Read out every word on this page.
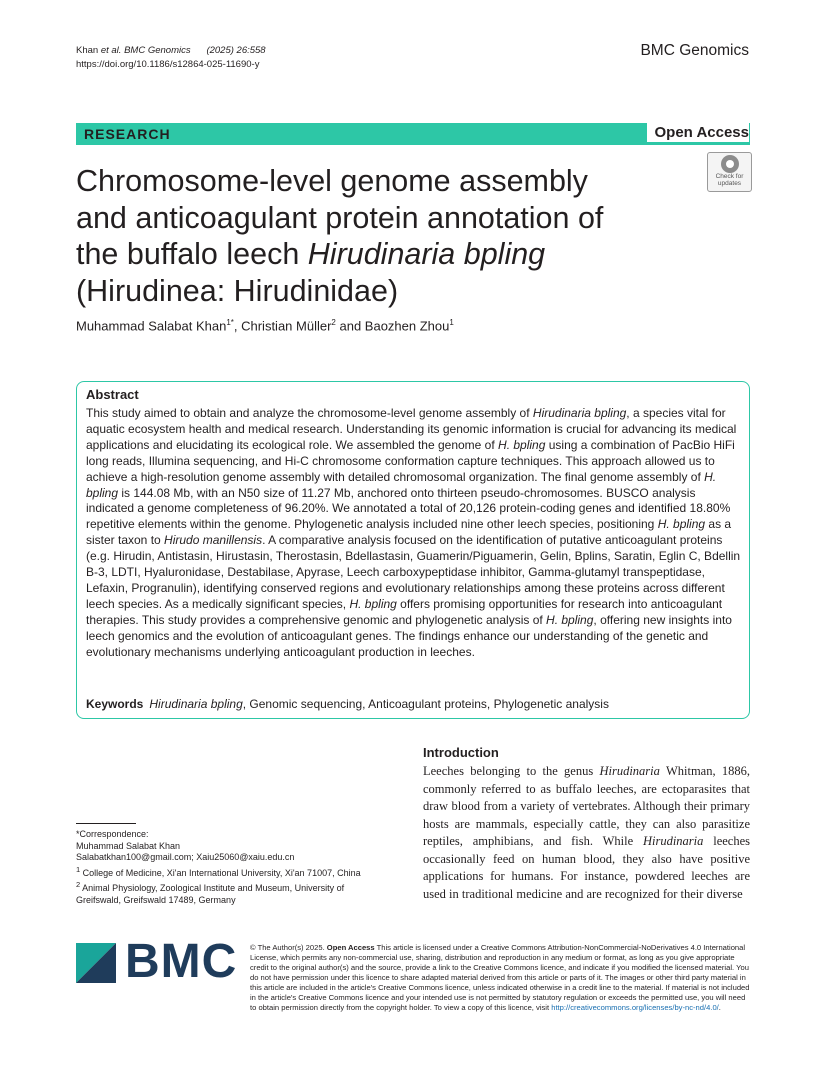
Khan et al. BMC Genomics (2025) 26:558
https://doi.org/10.1186/s12864-025-11690-y
BMC Genomics
RESEARCH	Open Access
Check for
updates
Chromosome-level genome assembly and anticoagulant protein annotation of the buffalo leech Hirudinaria bpling (Hirudinea: Hirudinidae)
Muhammad Salabat Khan$^{1*}$, Christian Müller$^2$ and Baozhen Zhou$^1$
Abstract
This study aimed to obtain and analyze the chromosome-level genome assembly of Hirudinaria bpling, a species vital for aquatic ecosystem health and medical research. Understanding its genomic information is crucial for advancing its medical applications and elucidating its ecological role. We assembled the genome of H. bpling using a combination of PacBio HiFi long reads, Illumina sequencing, and Hi-C chromosome conformation capture techniques. This approach allowed us to achieve a high-resolution genome assembly with detailed chromosomal organization. The final genome assembly of H. bpling is 144.08 Mb, with an N50 size of 11.27 Mb, anchored onto thirteen pseudo-chromosomes. BUSCO analysis indicated a genome completeness of 96.20%. We annotated a total of 20,126 protein-coding genes and identified 18.80% repetitive elements within the genome. Phylogenetic analysis included nine other leech species, positioning H. bpling as a sister taxon to Hirudo manillensis. A comparative analysis focused on the identification of putative anticoagulant proteins (e.g. Hirudin, Antistasin, Hirustasin, Therostasin, Bdellastasin, Guamerin/Piguamerin, Gelin, Bplins, Saratin, Eglin C, Bdellin B-3, LDTI, Hyaluronidase, Destabilase, Apyrase, Leech carboxypeptidase inhibitor, Gamma-glutamyl transpeptidase, Lefaxin, Progranulin), identifying conserved regions and evolutionary relationships among these proteins across different leech species. As a medically significant species, H. bpling offers promising opportunities for research into anticoagulant therapies. This study provides a comprehensive genomic and phylogenetic analysis of H. bpling, offering new insights into leech genomics and the evolution of anticoagulant genes. The findings enhance our understanding of the genetic and evolutionary mechanisms underlying anticoagulant production in leeches.
Keywords Hirudinaria bpling, Genomic sequencing, Anticoagulant proteins, Phylogenetic analysis
Introduction
Leeches belonging to the genus Hirudinaria Whitman, 1886, commonly referred to as buffalo leeches, are ectoparasites that draw blood from a variety of vertebrates. Although their primary hosts are mammals, especially cattle, they can also parasitize reptiles, amphibians, and fish. While Hirudinaria leeches occasionally feed on human blood, they also have positive applications for humans. For instance, powdered leeches are used in traditional medicine and are recognized for their diverse
*Correspondence:
Muhammad Salabat Khan
Salabatkhan100@gmail.com; Xaiu25060@xaiu.edu.cn
$^1$ College of Medicine, Xi'an International University, Xi'an 71007, China
$^2$ Animal Physiology, Zoological Institute and Museum, University of Greifswald, Greifswald 17489, Germany
BMC © The Author(s) 2025. Open Access This article is licensed under a Creative Commons Attribution-NonCommercial-NoDerivatives 4.0 International License, which permits any non-commercial use, sharing, distribution and reproduction in any medium or format, as long as you give appropriate credit to the original author(s) and the source, provide a link to the Creative Commons licence, and indicate if you modified the licensed material. You do not have permission under this licence to share adapted material derived from this article or parts of it. The images or other third party material in this article are included in the article's Creative Commons licence, unless indicated otherwise in a credit line to the material. If material is not included in the article's Creative Commons licence and your intended use is not permitted by statutory regulation or exceeds the permitted use, you will need to obtain permission directly from the copyright holder. To view a copy of this licence, visit http://creativecommons.org/licenses/by-nc-nd/4.0/.
